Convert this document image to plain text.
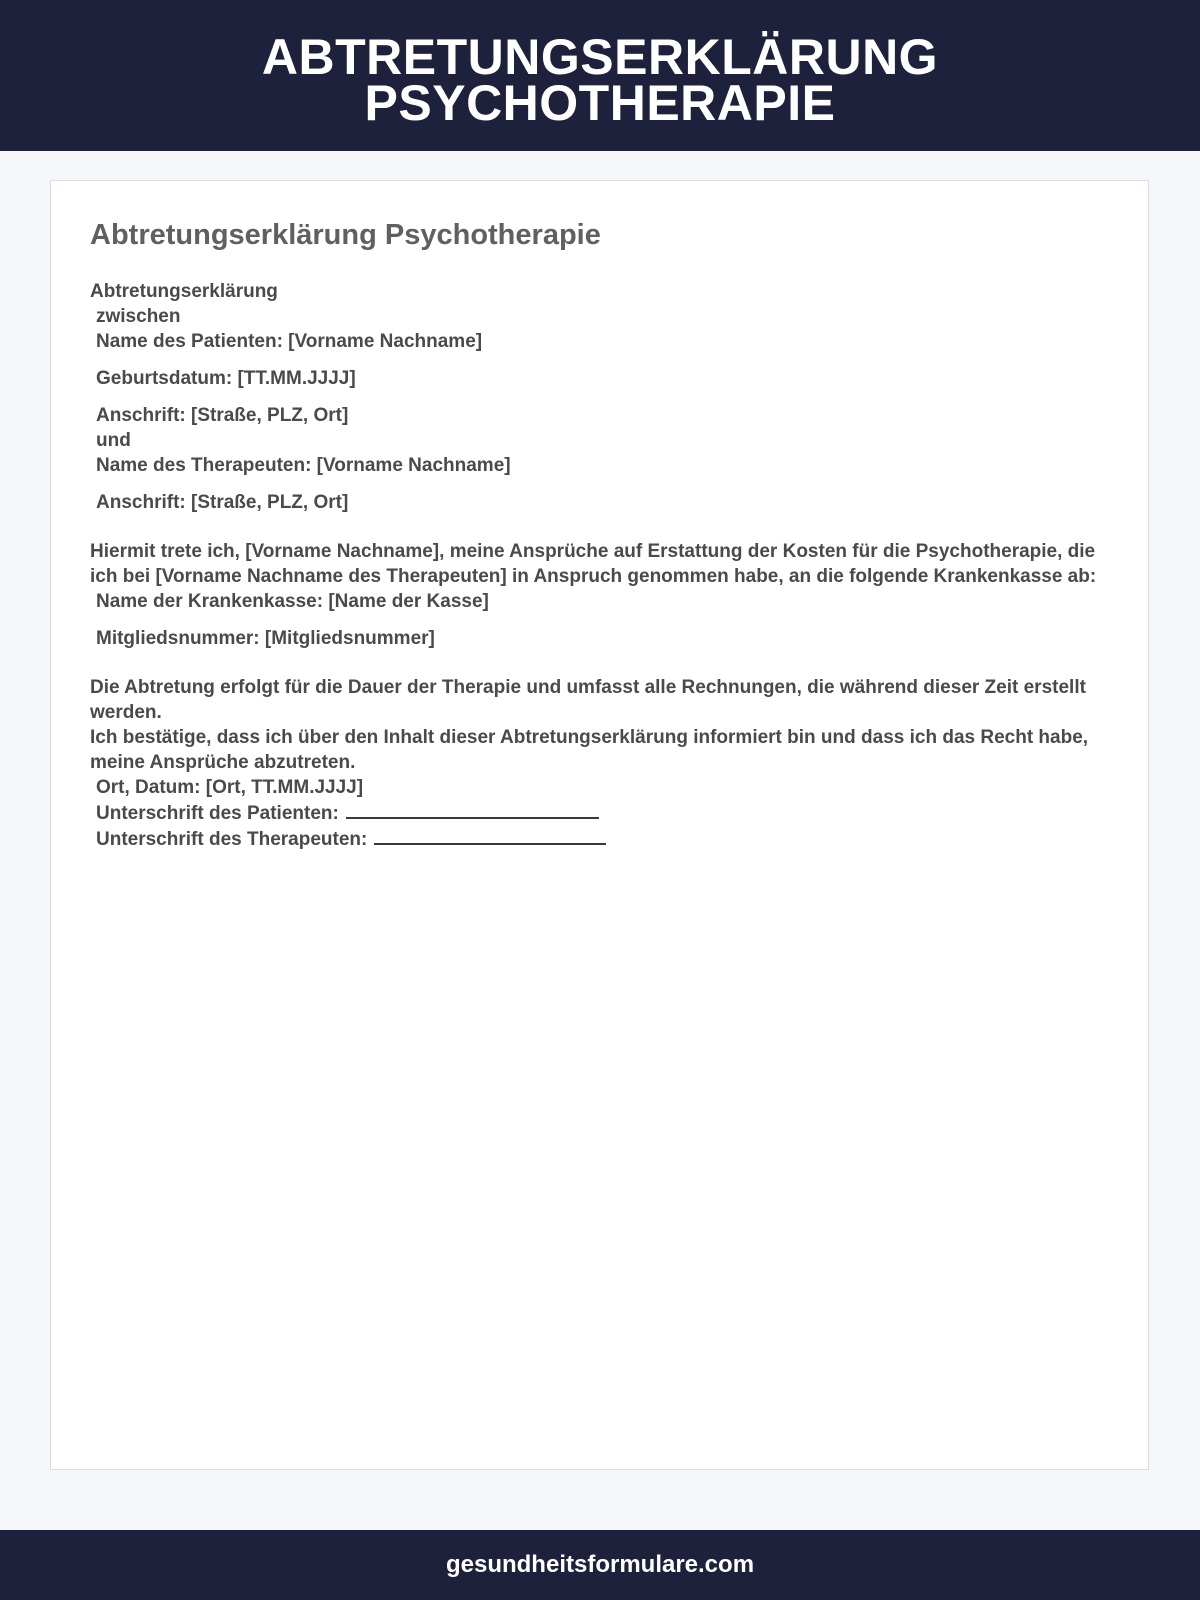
ABTRETUNGSERKLÄRUNG
PSYCHOTHERAPIE
Abtretungserklärung Psychotherapie
Abtretungserklärung
zwischen
Name des Patienten: [Vorname Nachname]
Geburtsdatum: [TT.MM.JJJJ]
Anschrift: [Straße, PLZ, Ort]
und
Name des Therapeuten: [Vorname Nachname]
Anschrift: [Straße, PLZ, Ort]
Hiermit trete ich, [Vorname Nachname], meine Ansprüche auf Erstattung der Kosten für die Psychotherapie, die ich bei [Vorname Nachname des Therapeuten] in Anspruch genommen habe, an die folgende Krankenkasse ab:
Name der Krankenkasse: [Name der Kasse]
Mitgliedsnummer: [Mitgliedsnummer]
Die Abtretung erfolgt für die Dauer der Therapie und umfasst alle Rechnungen, die während dieser Zeit erstellt werden.
Ich bestätige, dass ich über den Inhalt dieser Abtretungserklärung informiert bin und dass ich das Recht habe, meine Ansprüche abzutreten.
Ort, Datum: [Ort, TT.MM.JJJJ]
Unterschrift des Patienten:
Unterschrift des Therapeuten:
gesundheitsformulare.com
